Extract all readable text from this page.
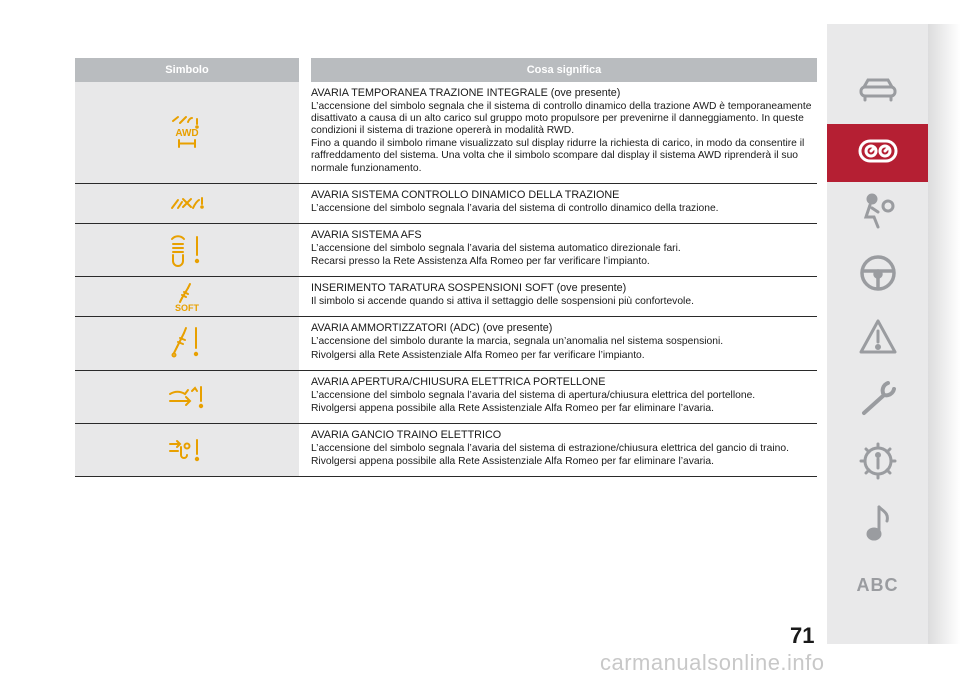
Simbolo	Cosa significa
AWD
AVARIA TEMPORANEA TRAZIONE INTEGRALE (ove presente)
L’accensione del simbolo segnala che il sistema di controllo dinamico della trazione AWD è temporaneamente disattivato a causa di un alto carico sul gruppo moto propulsore per prevenirne il danneggiamento. In queste condizioni il sistema di trazione opererà in modalità RWD.
Fino a quando il simbolo rimane visualizzato sul display ridurre la richiesta di carico, in modo da consentire il raffreddamento del sistema. Una volta che il simbolo scompare dal display il sistema AWD riprenderà il suo normale funzionamento.
AVARIA SISTEMA CONTROLLO DINAMICO DELLA TRAZIONE
L’accensione del simbolo segnala l’avaria del sistema di controllo dinamico della trazione.
AVARIA SISTEMA AFS
L’accensione del simbolo segnala l’avaria del sistema automatico direzionale fari.
Recarsi presso la Rete Assistenza Alfa Romeo per far verificare l’impianto.
SOFT
INSERIMENTO TARATURA SOSPENSIONI SOFT (ove presente)
Il simbolo si accende quando si attiva il settaggio delle sospensioni più confortevole.
AVARIA AMMORTIZZATORI (ADC) (ove presente)
L’accensione del simbolo durante la marcia, segnala un’anomalia nel sistema sospensioni.
Rivolgersi alla Rete Assistenziale Alfa Romeo per far verificare l’impianto.
AVARIA APERTURA/CHIUSURA ELETTRICA PORTELLONE
L’accensione del simbolo segnala l’avaria del sistema di apertura/chiusura elettrica del portellone.
Rivolgersi appena possibile alla Rete Assistenziale Alfa Romeo per far eliminare l’avaria.
AVARIA GANCIO TRAINO ELETTRICO
L’accensione del simbolo segnala l’avaria del sistema di estrazione/chiusura elettrica del gancio di traino.
Rivolgersi appena possibile alla Rete Assistenziale Alfa Romeo per far eliminare l’avaria.
ABC
71
carmanualsonline.info
